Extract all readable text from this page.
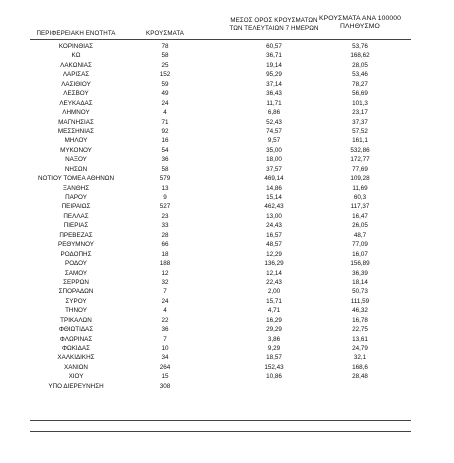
ΠΕΡΙΦΕΡΕΙΑΚΗ ΕΝΟΤΗΤΑ	ΚΡΟΥΣΜΑΤΑ
ΜΕΣΟΣ ΟΡΟΣ ΚΡΟΥΣΜΑΤΩΝ
ΤΩΝ ΤΕΛΕΥΤΑΙΩΝ 7 ΗΜΕΡΩΝ
ΚΡΟΥΣΜΑΤΑ ΑΝΑ 100000
ΠΛΗΘΥΣΜΟ
ΚΟΡΙΝΘΙΑΣ	78	60,57	53,76
ΚΩ	58	36,71	168,62
ΛΑΚΩΝΙΑΣ	25	19,14	28,05
ΛΑΡΙΣΑΣ	152	95,29	53,46
ΛΑΣΙΘΙΟΥ	59	37,14	78,27
ΛΕΣΒΟΥ	49	36,43	56,69
ΛΕΥΚΑΔΑΣ	24	11,71	101,3
ΛΗΜΝΟΥ	4	6,86	23,17
ΜΑΓΝΗΣΙΑΣ	71	52,43	37,37
ΜΕΣΣΗΝΙΑΣ	92	74,57	57,52
ΜΗΛΟΥ	16	9,57	161,1
ΜΥΚΟΝΟΥ	54	35,00	532,86
ΝΑΞΟΥ	36	18,00	172,77
ΝΗΣΩΝ	58	37,57	77,69
ΝΟΤΙΟΥ ΤΟΜΕΑ ΑΘΗΝΩΝ	579	469,14	109,28
ΞΑΝΘΗΣ	13	14,86	11,69
ΠΑΡΟΥ	9	15,14	60,3
ΠΕΙΡΑΙΩΣ	527	462,43	117,37
ΠΕΛΛΑΣ	23	13,00	16,47
ΠΙΕΡΙΑΣ	33	24,43	26,05
ΠΡΕΒΕΖΑΣ	28	16,57	48,7
ΡΕΘΥΜΝΟΥ	66	48,57	77,09
ΡΟΔΟΠΗΣ	18	12,29	16,07
ΡΟΔΟΥ	188	136,29	156,89
ΣΑΜΟΥ	12	12,14	36,39
ΣΕΡΡΩΝ	32	22,43	18,14
ΣΠΟΡΑΔΩΝ	7	2,00	50,73
ΣΥΡΟΥ	24	15,71	111,59
ΤΗΝΟΥ	4	4,71	46,32
ΤΡΙΚΑΛΩΝ	22	16,29	16,78
ΦΘΙΩΤΙΔΑΣ	36	29,29	22,75
ΦΛΩΡΙΝΑΣ	7	3,86	13,61
ΦΩΚΙΔΑΣ	10	9,29	24,79
ΧΑΛΚΙΔΙΚΗΣ	34	18,57	32,1
ΧΑΝΙΩΝ	264	152,43	168,6
ΧΙΟΥ	15	10,86	28,48
ΥΠΟ ΔΙΕΡΕΥΝΗΣΗ	308
